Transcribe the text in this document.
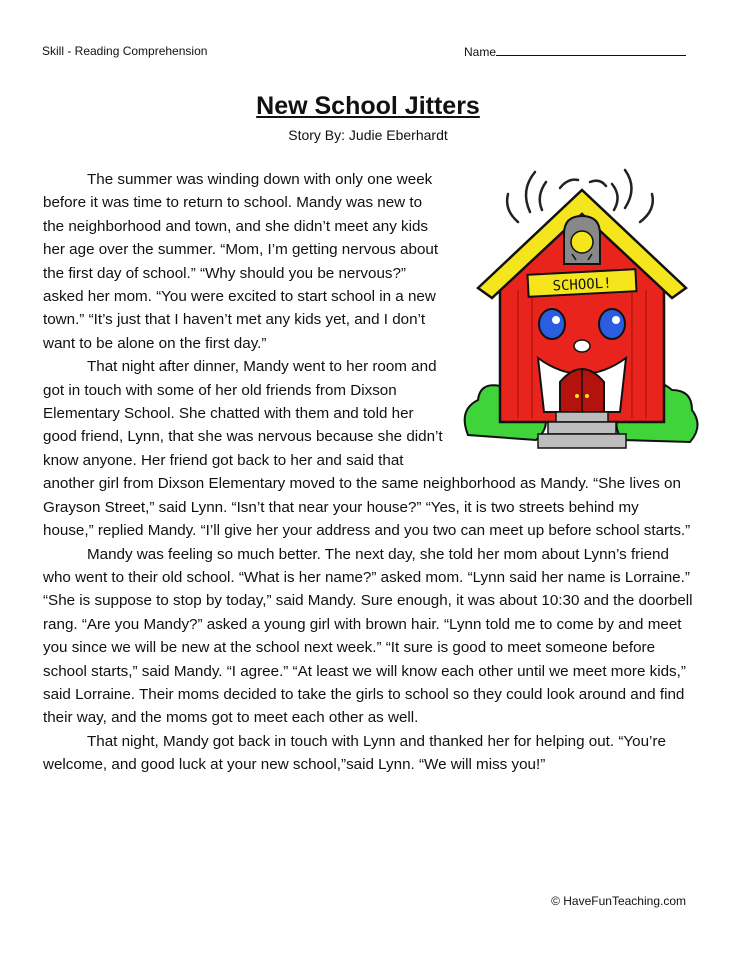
Skill - Reading Comprehension	Name
New School Jitters
Story By: Judie Eberhardt
SCHOOL!

The summer was winding down with only one week before it was time to return to school. Mandy was new to the neighborhood and town, and she didn’t meet any kids her age over the summer. “Mom, I’m getting nervous about the first day of school.” “Why should you be nervous?” asked her mom. “You were excited to start school in a new town.” “It’s just that I haven’t met any kids yet, and I don’t want to be alone on the first day.”

That night after dinner, Mandy went to her room and got in touch with some of her old friends from Dixson Elementary School. She chatted with them and told her good friend, Lynn, that she was nervous because she didn’t know anyone. Her friend got back to her and said that another girl from Dixson Elementary moved to the same neighborhood as Mandy. “She lives on Grayson Street,” said Lynn. “Isn’t that near your house?” “Yes, it is two streets behind my house,” replied Mandy. “I’ll give her your address and you two can meet up before school starts.”

Mandy was feeling so much better. The next day, she told her mom about Lynn’s friend who went to their old school. “What is her name?” asked mom. “Lynn said her name is Lorraine.” “She is suppose to stop by today,” said Mandy. Sure enough, it was about 10:30 and the doorbell rang. “Are you Mandy?” asked a young girl with brown hair. “Lynn told me to come by and meet you since we will be new at the school next week.” “It sure is good to meet someone before school starts,” said Mandy. “I agree.” “At least we will know each other until we meet more kids,” said Lorraine. Their moms decided to take the girls to school so they could look around and find their way, and the moms got to meet each other as well.

That night, Mandy got back in touch with Lynn and thanked her for helping out. “You’re welcome, and good luck at your new school,”said Lynn. “We will miss you!”

© HaveFunTeaching.com
